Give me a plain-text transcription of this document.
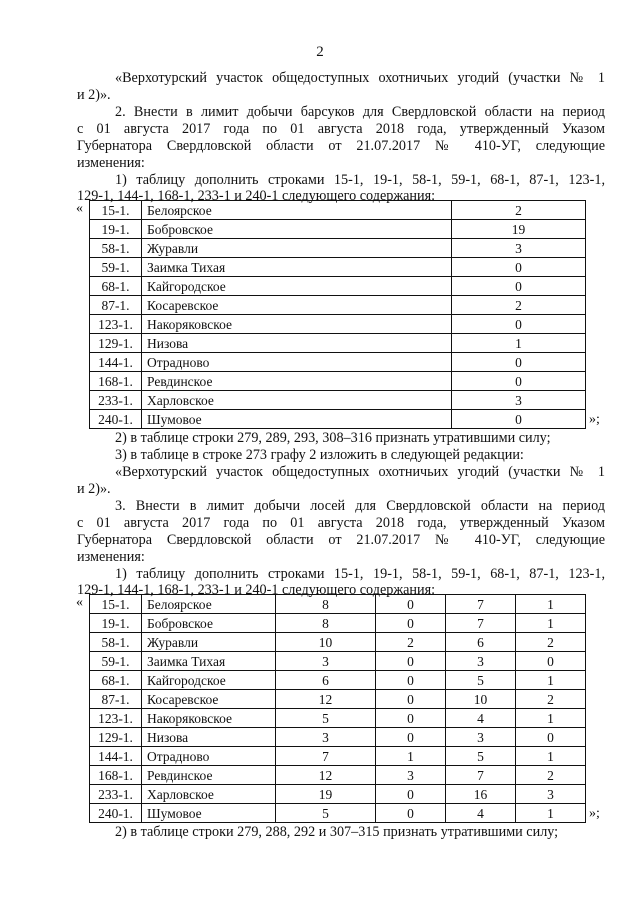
2
«Верхотурский участок общедоступных охотничьих угодий (участки № 1
и 2)».
2. Внести в лимит добычи барсуков для Свердловской области на период
с 01 августа 2017 года по 01 августа 2018 года, утвержденный Указом
Губернатора Свердловской области от 21.07.2017 № 410-УГ, следующие
изменения:
1) таблицу дополнить строками 15-1, 19-1, 58-1, 59-1, 68-1, 87-1, 123-1,
129-1, 144-1, 168-1, 233-1 и 240-1 следующего содержания:
« 15-1.	Белоярское	2
19-1.	Бобровское	19
58-1.	Журавли	3
59-1.	Заимка Тихая	0
68-1.	Кайгородское	0
87-1.	Косаревское	2
123-1.	Накоряковское	0
129-1.	Низова	1
144-1.	Отрадново	0
168-1.	Ревдинское	0
233-1.	Харловское	3
240-1.	Шумовое	0	»;
2) в таблице строки 279, 289, 293, 308–316 признать утратившими силу;
3) в таблице в строке 273 графу 2 изложить в следующей редакции:
«Верхотурский участок общедоступных охотничьих угодий (участки № 1
и 2)».
3. Внести в лимит добычи лосей для Свердловской области на период
с 01 августа 2017 года по 01 августа 2018 года, утвержденный Указом
Губернатора Свердловской области от 21.07.2017 № 410-УГ, следующие
изменения:
1) таблицу дополнить строками 15-1, 19-1, 58-1, 59-1, 68-1, 87-1, 123-1,
129-1, 144-1, 168-1, 233-1 и 240-1 следующего содержания:
« 15-1.	Белоярское	8	0	7	1
19-1.	Бобровское	8	0	7	1
58-1.	Журавли	10	2	6	2
59-1.	Заимка Тихая	3	0	3	0
68-1.	Кайгородское	6	0	5	1
87-1.	Косаревское	12	0	10	2
123-1.	Накоряковское	5	0	4	1
129-1.	Низова	3	0	3	0
144-1.	Отрадново	7	1	5	1
168-1.	Ревдинское	12	3	7	2
233-1.	Харловское	19	0	16	3
240-1.	Шумовое	5	0	4	1	»;
2) в таблице строки 279, 288, 292 и 307–315 признать утратившими силу;
